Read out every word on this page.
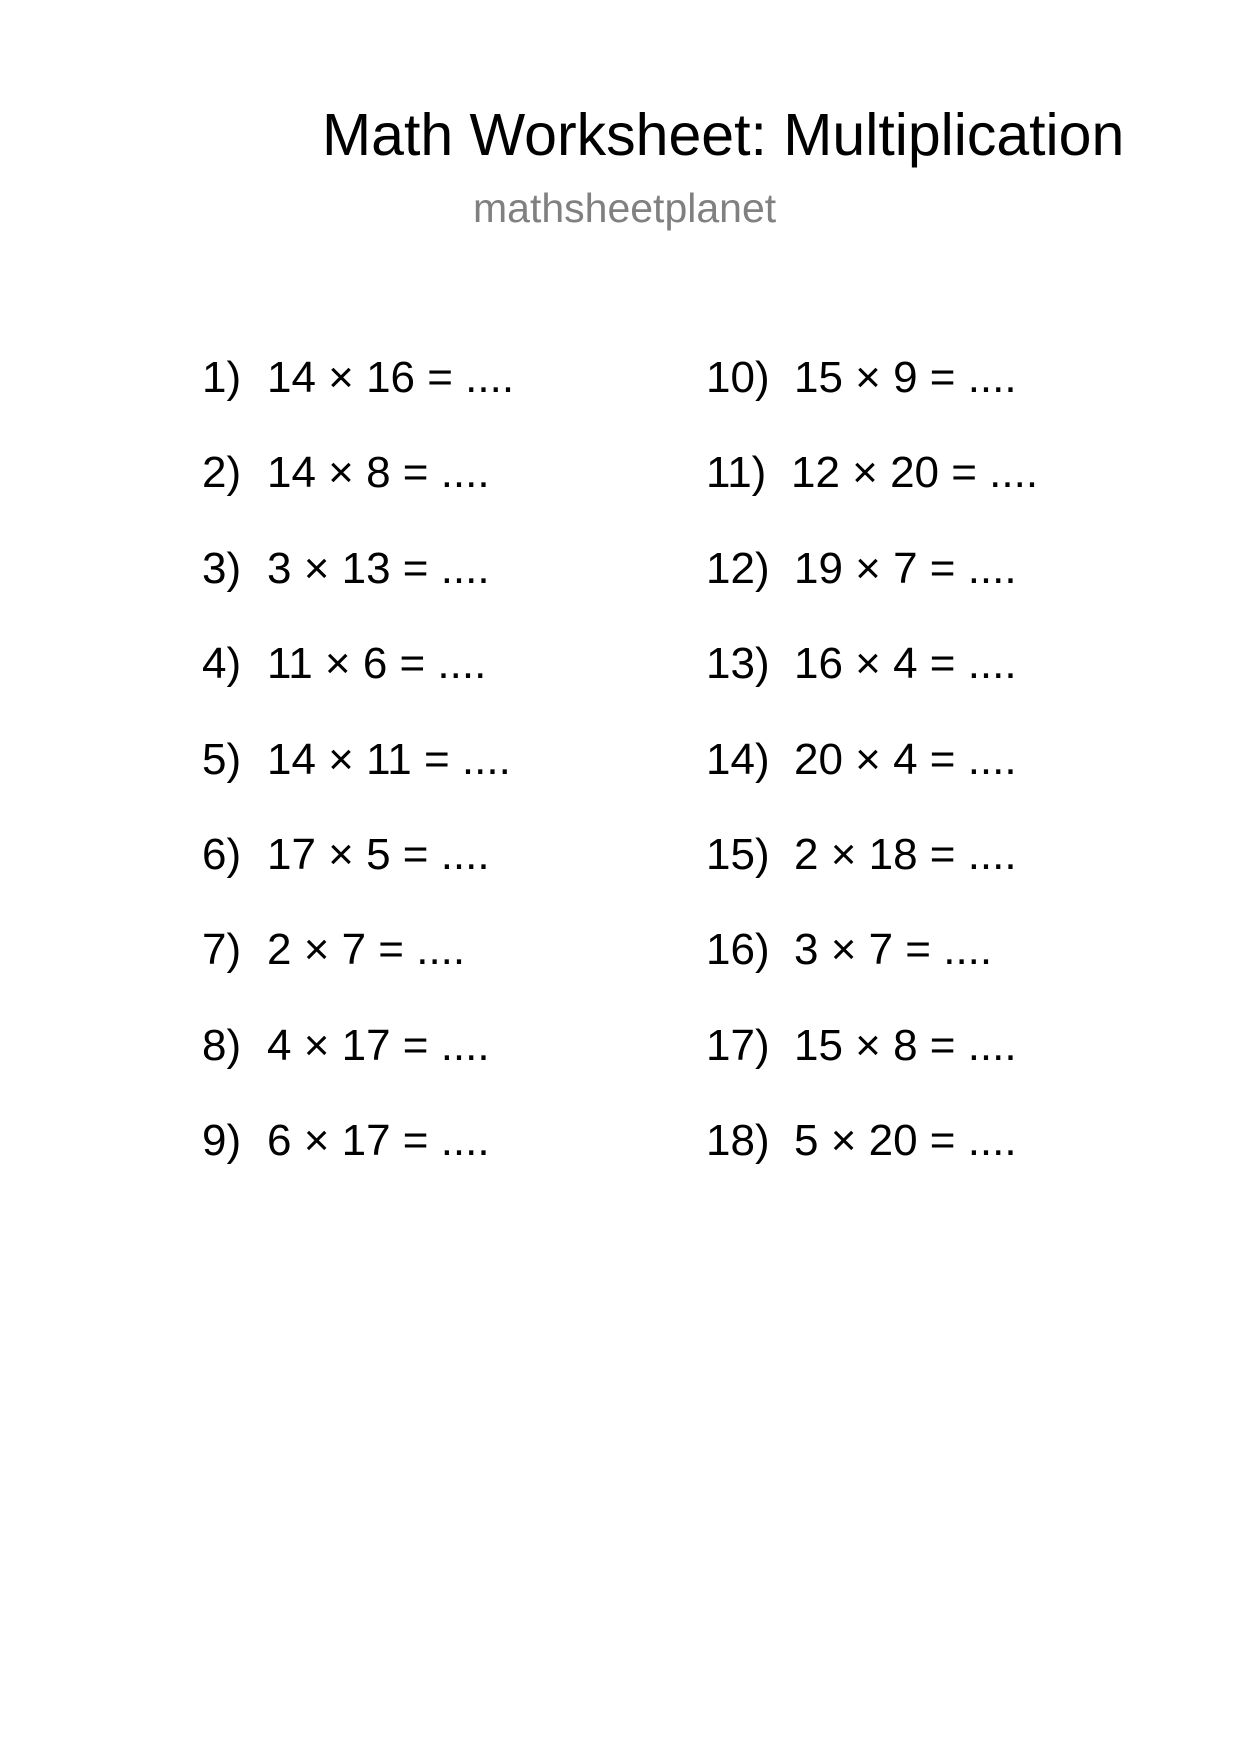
Math Worksheet: Multiplication
mathsheetplanet
1) 14 × 16 = ....
2) 14 × 8 = ....
3) 3 × 13 = ....
4) 11 × 6 = ....
5) 14 × 11 = ....
6) 17 × 5 = ....
7) 2 × 7 = ....
8) 4 × 17 = ....
9) 6 × 17 = ....
10) 15 × 9 = ....
11) 12 × 20 = ....
12) 19 × 7 = ....
13) 16 × 4 = ....
14) 20 × 4 = ....
15) 2 × 18 = ....
16) 3 × 7 = ....
17) 15 × 8 = ....
18) 5 × 20 = ....
